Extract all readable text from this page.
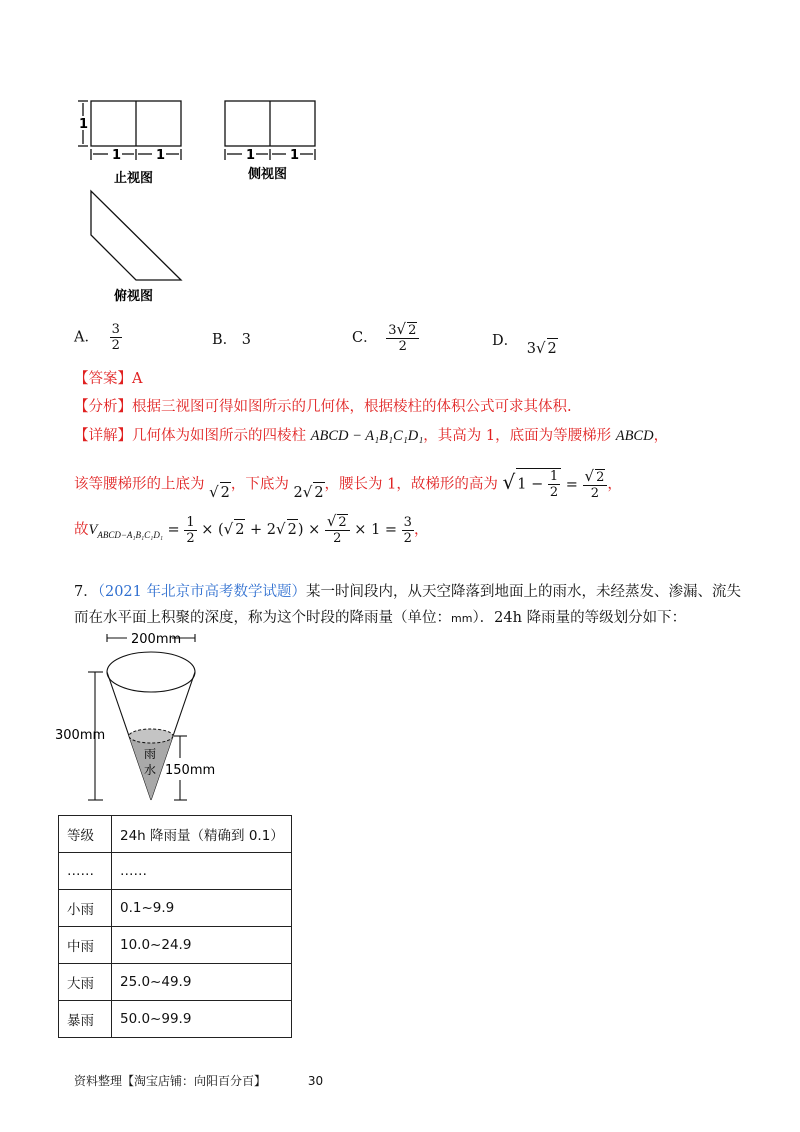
1	1
1
止视图
1	1
侧视图
俯视图
A． $\frac{3}{2}$	B． 3	C． $\frac{3√ 2}{2}$	D． 3√ 2
【答案】A
【分析】根据三视图可得如图所示的几何体，根据棱柱的体积公式可求其体积.
【详解】几何体为如图所示的四棱柱 ABCD − A₁B₁C₁D₁，其高为 1，底面为等腰梯形 ABCD，
该等腰梯形的上底为 √ 2，下底为 2√ 2，腰长为 1，故梯形的高为 √ $1 - \frac{1}{2} = \frac{√ 2}{2}$ ，
故$V_{ABCD-A_1B_1C_1D_1} = \frac{1}{2}$ × (√ 2 + 2√ $2) \times \frac{√ 2}{2} \times 1 = \frac{3}{2}$ ，
7．（2021 年北京市高考数学试题）某一时间段内，从天空降落到地面上的雨水，未经蒸发、渗漏、流失
而在水平面上积聚的深度，称为这个时段的降雨量（单位：mm）．24h 降雨量的等级划分如下：
200mm
300mm
150mm
雨
水
等级	24h 降雨量（精确到 0.1）
……	……
小雨	0.1~9.9
中雨	10.0~24.9
大雨	25.0~49.9
暴雨	50.0~99.9
资料整理【淘宝店铺：向阳百分百】	30
